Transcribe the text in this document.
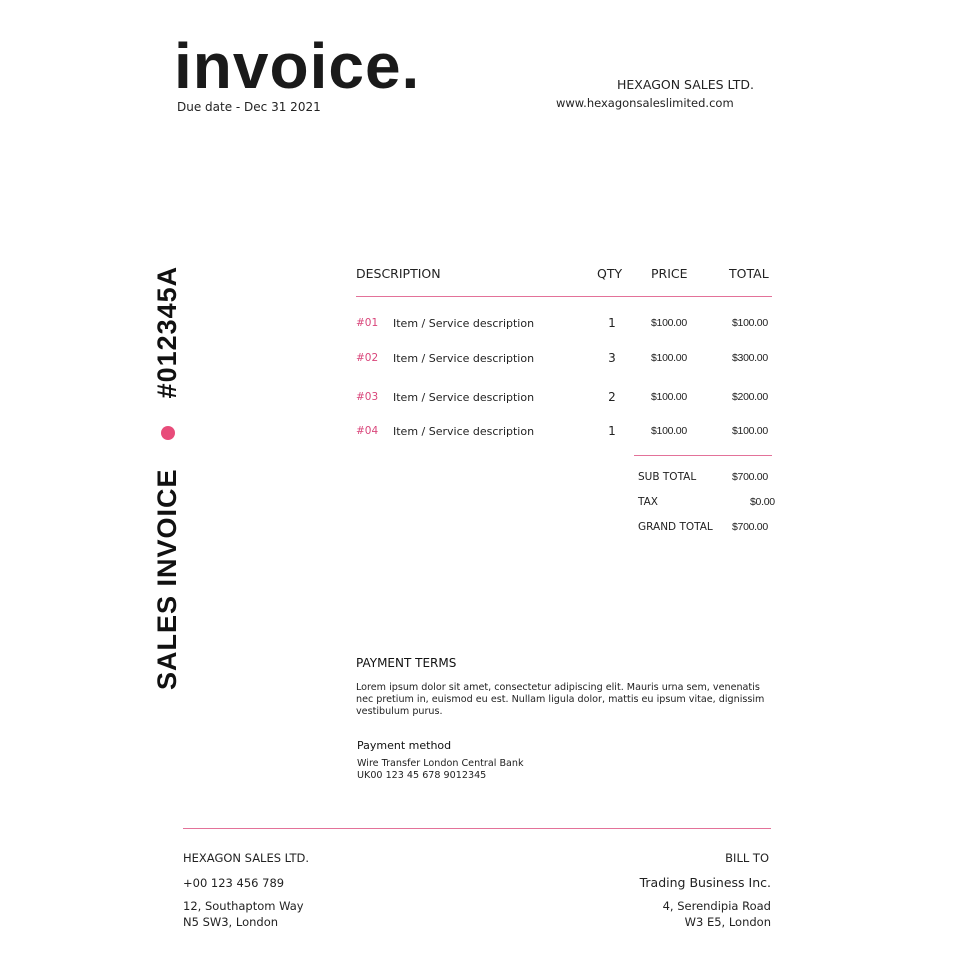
invoice.
Due date - Dec 31 2021
HEXAGON SALES LTD.
www.hexagonsaleslimited.com
SALES INVOICE
#012345A	DESCRIPTION	QTY PRICE	TOTAL
#01 Item / Service description	1	$100.00	$100.00
#02 Item / Service description	3	$100.00	$300.00
#03 Item / Service description	2	$100.00	$200.00
#04 Item / Service description	1	$100.00	$100.00
SUB TOTAL	$700.00
TAX	$0.00
GRAND TOTAL $700.00
PAYMENT TERMS
Lorem ipsum dolor sit amet, consectetur adipiscing elit. Mauris urna sem, venenatis nec pretium in, euismod eu est. Nullam ligula dolor, mattis eu ipsum vitae, dignissim vestibulum purus.
Payment method
Wire Transfer London Central Bank
UK00 123 45 678 9012345
HEXAGON SALES LTD.
+00 123 456 789
12, Southaptom Way
N5 SW3, London
BILL TO
Trading Business Inc.
4, Serendipia Road
W3 E5, London
